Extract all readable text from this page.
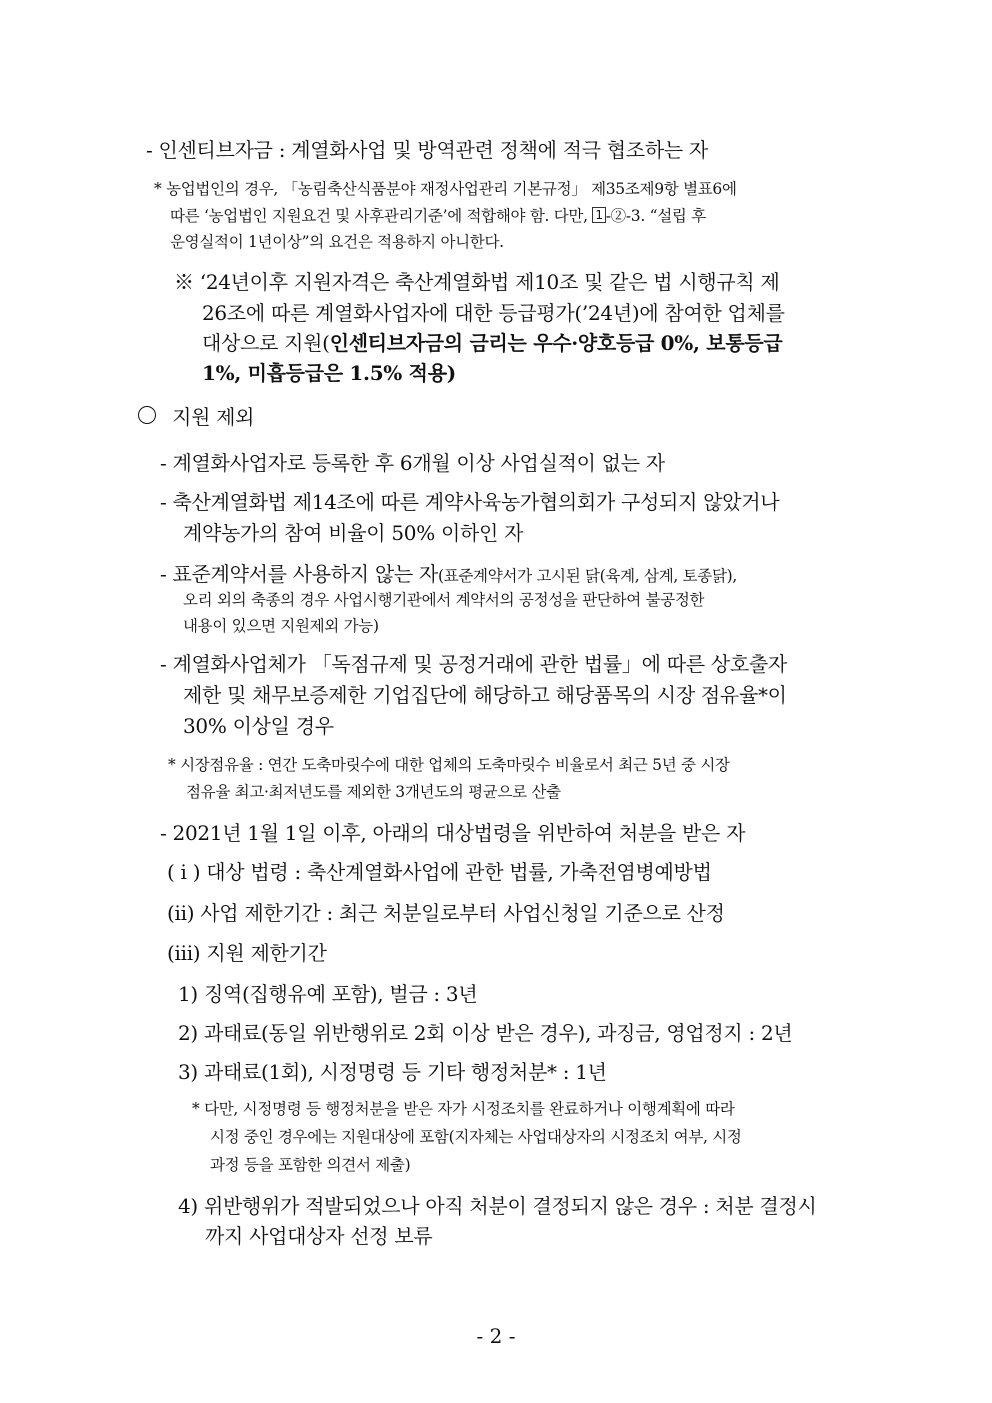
- 인센티브자금 : 계열화사업 및 방역관련 정책에 적극 협조하는 자

* 농업법인의 경우, 「농림축산식품분야 재정사업관리 기본규정」 제35조제9항 별표6에

따른 ‘농업법인 지원요건 및 사후관리기준’에 적합해야 함. 다만, 1 -②-3. “설립 후

운영실적이 1년이상”의 요건은 적용하지 아니한다.

※ ‘24년이후 지원자격은 축산계열화법 제10조 및 같은 법 시행규칙 제

26조에 따른 계열화사업자에 대한 등급평가(’24년)에 참여한 업체를

대상으로 지원(인센티브자금의 금리는 우수·양호등급 0%, 보통등급

1%, 미흡등급은 1.5% 적용)

지원 제외

- 계열화사업자로 등록한 후 6개월 이상 사업실적이 없는 자

- 축산계열화법 제14조에 따른 계약사육농가협의회가 구성되지 않았거나

계약농가의 참여 비율이 50% 이하인 자

- 표준계약서를 사용하지 않는 자(표준계약서가 고시된 닭(육계, 삼계, 토종닭),

오리 외의 축종의 경우 사업시행기관에서 계약서의 공정성을 판단하여 불공정한

내용이 있으면 지원제외 가능)

- 계열화사업체가 「독점규제 및 공정거래에 관한 법률」에 따른 상호출자

제한 및 채무보증제한 기업집단에 해당하고 해당품목의 시장 점유율*이

30% 이상일 경우

* 시장점유율 : 연간 도축마릿수에 대한 업체의 도축마릿수 비율로서 최근 5년 중 시장

점유율 최고·최저년도를 제외한 3개년도의 평균으로 산출

- 2021년 1월 1일 이후, 아래의 대상법령을 위반하여 처분을 받은 자

( i ) 대상 법령 : 축산계열화사업에 관한 법률, 가축전염병예방법

(ii) 사업 제한기간 : 최근 처분일로부터 사업신청일 기준으로 산정

(iii) 지원 제한기간

1) 징역(집행유예 포함), 벌금 : 3년

2) 과태료(동일 위반행위로 2회 이상 받은 경우), 과징금, 영업정지 : 2년

3) 과태료(1회), 시정명령 등 기타 행정처분* : 1년

* 다만, 시정명령 등 행정처분을 받은 자가 시정조치를 완료하거나 이행계획에 따라

시정 중인 경우에는 지원대상에 포함(지자체는 사업대상자의 시정조치 여부, 시정

과정 등을 포함한 의견서 제출)

4) 위반행위가 적발되었으나 아직 처분이 결정되지 않은 경우 : 처분 결정시

까지 사업대상자 선정 보류

- 2 -
